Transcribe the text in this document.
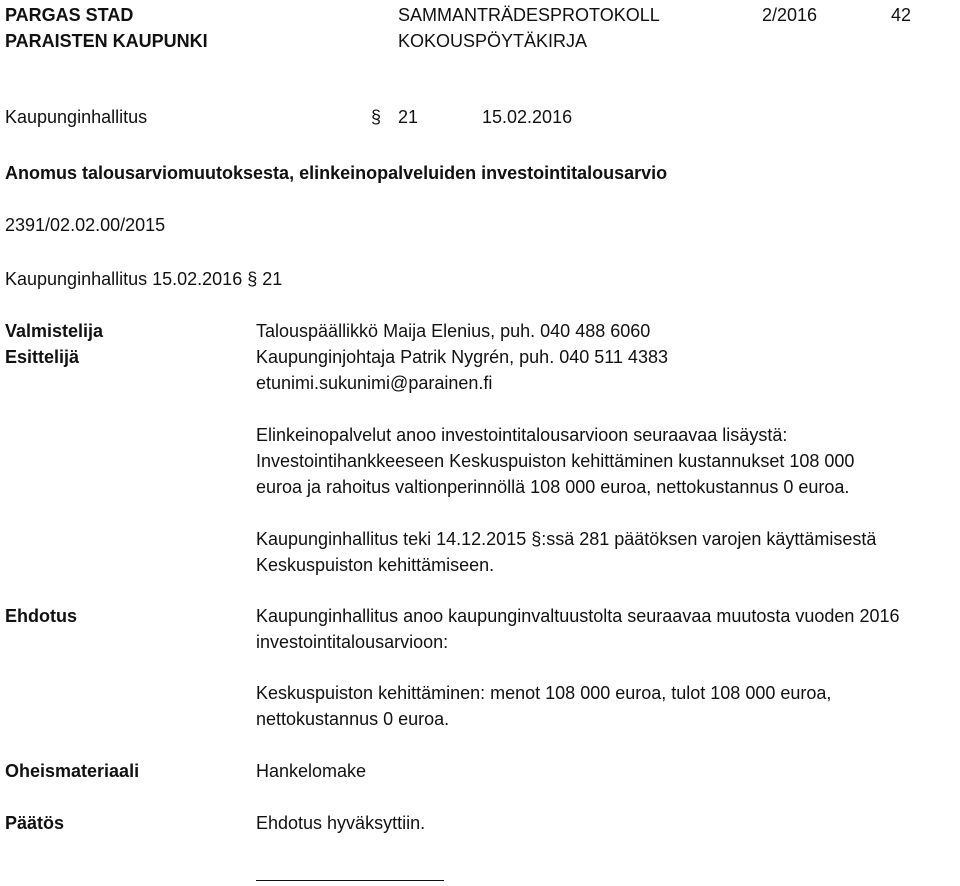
PARGAS STAD
PARAISTEN KAUPUNKI
SAMMANTRÄDESPROTOKOLL
KOKOUSPÖYTÄKIRJA
2/2016	42
Kaupunginhallitus	§ 21	15.02.2016
Anomus talousarviomuutoksesta, elinkeinopalveluiden investointitalousarvio
2391/02.02.00/2015
Kaupunginhallitus 15.02.2016 § 21
Valmistelija	Talouspäällikkö Maija Elenius, puh. 040 488 6060
Esittelijä	Kaupunginjohtaja Patrik Nygrén, puh. 040 511 4383
etunimi.sukunimi@parainen.fi
Elinkeinopalvelut anoo investointitalousarvioon seuraavaa lisäystä:
Investointihankkeeseen Keskuspuiston kehittäminen kustannukset 108 000
euroa ja rahoitus valtionperinnöllä 108 000 euroa, nettokustannus 0 euroa.
Kaupunginhallitus teki 14.12.2015 §:ssä 281 päätöksen varojen käyttämisestä
Keskuspuiston kehittämiseen.
Ehdotus	Kaupunginhallitus anoo kaupunginvaltuustolta seuraavaa muutosta vuoden 2016
investointitalousarvioon:
Keskuspuiston kehittäminen: menot 108 000 euroa, tulot 108 000 euroa,
nettokustannus 0 euroa.
Oheismateriaali	Hankelomake
Päätös	Ehdotus hyväksyttiin.
